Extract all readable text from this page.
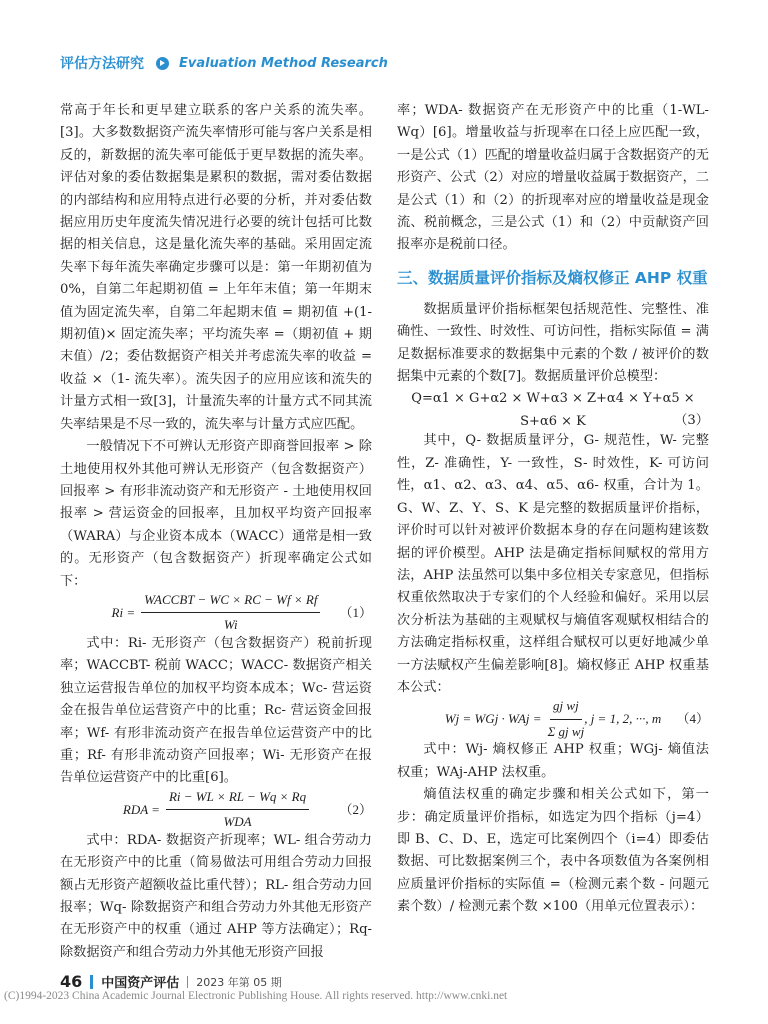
评估方法研究	Evaluation Method Research

常高于年长和更早建立联系的客户关系的流失率。[3]。大多数数据资产流失率情形可能与客户关系是相反的，新数据的流失率可能低于更早数据的流失率。评估对象的委估数据集是累积的数据，需对委估数据的内部结构和应用特点进行必要的分析，并对委估数据应用历史年度流失情况进行必要的统计包括可比数据的相关信息，这是量化流失率的基础。采用固定流失率下每年流失率确定步骤可以是：第一年期初值为 0%，自第二年起期初值 = 上年年末值；第一年期末值为固定流失率，自第二年起期末值 = 期初值 +(1- 期初值)× 固定流失率；平均流失率 =（期初值 + 期末值）/2；委估数据资产相关并考虑流失率的收益 = 收益 ×（1- 流失率）。流失因子的应用应该和流失的计量方式相一致[3]，计量流失率的计量方式不同其流失率结果是不尽一致的，流失率与计量方式应匹配。

一般情况下不可辨认无形资产即商誉回报率 > 除土地使用权外其他可辨认无形资产（包含数据资产）回报率 > 有形非流动资产和无形资产 - 土地使用权回报率 > 营运资金的回报率，且加权平均资产回报率（WARA）与企业资本成本（WACC）通常是相一致的。无形资产（包含数据资产）折现率确定公式如下：

$Ri = \frac{\text{WACCBT − WC × RC − Wf × Rf}}{Wi} (1)$

式中：Ri- 无形资产（包含数据资产）税前折现率；WACCBT- 税前 WACC；WACC- 数据资产相关独立运营报告单位的加权平均资本成本；Wc- 营运资金在报告单位运营资产中的比重；Rc- 营运资金回报率；Wf- 有形非流动资产在报告单位运营资产中的比重；Rf- 有形非流动资产回报率；Wi- 无形资产在报告单位运营资产中的比重[6]。

RDA = $\frac{Ri - WL \times RL - Wq \times Rq}{\text{WDA}} (2)$

式中：RDA- 数据资产折现率；WL- 组合劳动力在无形资产中的比重（简易做法可用组合劳动力回报额占无形资产超额收益比重代替）；RL- 组合劳动力回报率；Wq- 除数据资产和组合劳动力外其他无形资产在无形资产中的权重（通过 AHP 等方法确定）；Rq- 除数据资产和组合劳动力外其他无形资产回报

率；WDA- 数据资产在无形资产中的比重（1-WL-Wq）[6]。增量收益与折现率在口径上应匹配一致，一是公式（1）匹配的增量收益归属于含数据资产的无形资产、公式（2）对应的增量收益属于数据资产，二是公式（1）和（2）的折现率对应的增量收益是现金流、税前概念，三是公式（1）和（2）中贡献资产回报率亦是税前口径。

三、数据质量评价指标及熵权修正 AHP 权重

数据质量评价指标框架包括规范性、完整性、准确性、一致性、时效性、可访问性，指标实际值 = 满足数据标准要求的数据集中元素的个数 / 被评价的数据集中元素的个数[7]。数据质量评价总模型：

Q=α1 × G+α2 × W+α3 × Z+α4 × Y+α5 × S+α6 × K	（3）

其中，Q- 数据质量评分，G- 规范性，W- 完整性，Z- 准确性，Y- 一致性，S- 时效性，K- 可访问性，α1、α2、α3、α4、α5、α6- 权重，合计为 1。G、W、Z、Y、S、K 是完整的数据质量评价指标，评价时可以针对被评价数据本身的存在问题构建该数据的评价模型。AHP 法是确定指标间赋权的常用方法，AHP 法虽然可以集中多位相关专家意见，但指标权重依然取决于专家们的个人经验和偏好。采用以层次分析法为基础的主观赋权与熵值客观赋权相结合的方法确定指标权重，这样组合赋权可以更好地减少单一方法赋权产生偏差影响[8]。熵权修正 AHP 权重基本公式：

Wj = WGj · WAj = $\frac{\text{gj wj}}{\text{Σ gj wj}}$ , j = 1, 2, ···, m （4）

式中：Wj- 熵权修正 AHP 权重；WGj- 熵值法权重；WAj-AHP 法权重。

熵值法权重的确定步骤和相关公式如下，第一步：确定质量评价指标，如选定为四个指标（j=4）即 B、C、D、E，选定可比案例四个（i=4）即委估数据、可比数据案例三个，表中各项数值为各案例相应质量评价指标的实际值 =（检测元素个数 - 问题元素个数）/ 检测元素个数 ×100（用单元位置表示）：

46 中国资产评估 2023 年第 05 期
(C)1994-2023 China Academic Journal Electronic Publishing House. All rights reserved. http://www.cnki.net
